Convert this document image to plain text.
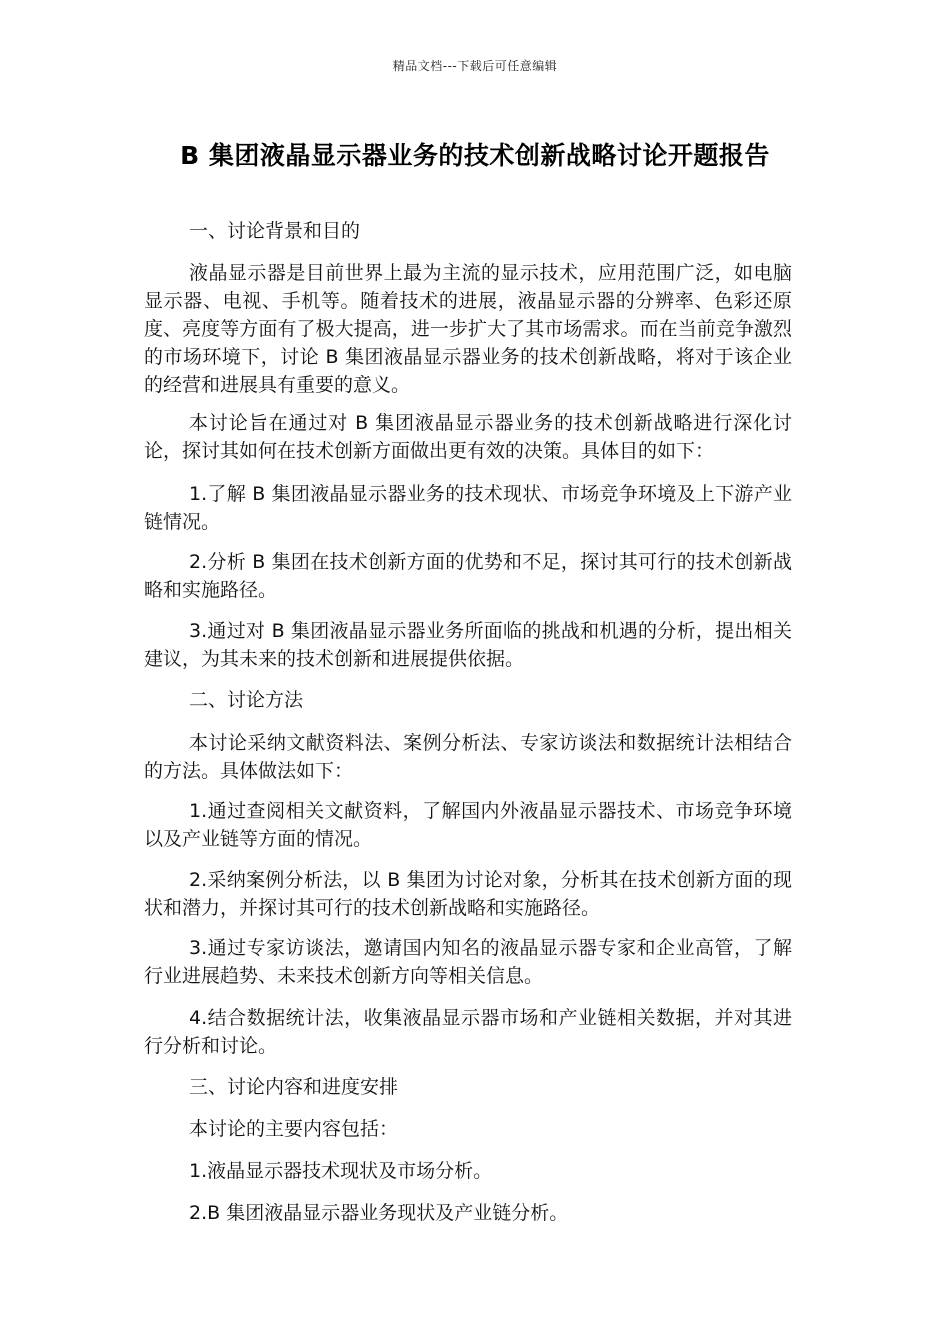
精品文档---下载后可任意编辑
B 集团液晶显示器业务的技术创新战略讨论开题报告
一、讨论背景和目的
液晶显示器是目前世界上最为主流的显示技术，应用范围广泛，如电脑显示器、电视、手机等。随着技术的进展，液晶显示器的分辨率、色彩还原度、亮度等方面有了极大提高，进一步扩大了其市场需求。而在当前竞争激烈的市场环境下，讨论 B 集团液晶显示器业务的技术创新战略，将对于该企业的经营和进展具有重要的意义。
本讨论旨在通过对 B 集团液晶显示器业务的技术创新战略进行深化讨论，探讨其如何在技术创新方面做出更有效的决策。具体目的如下：
1.了解 B 集团液晶显示器业务的技术现状、市场竞争环境及上下游产业链情况。
2.分析 B 集团在技术创新方面的优势和不足，探讨其可行的技术创新战略和实施路径。
3.通过对 B 集团液晶显示器业务所面临的挑战和机遇的分析，提出相关建议，为其未来的技术创新和进展提供依据。
二、讨论方法
本讨论采纳文献资料法、案例分析法、专家访谈法和数据统计法相结合的方法。具体做法如下：
1.通过查阅相关文献资料，了解国内外液晶显示器技术、市场竞争环境以及产业链等方面的情况。
2.采纳案例分析法，以 B 集团为讨论对象，分析其在技术创新方面的现状和潜力，并探讨其可行的技术创新战略和实施路径。
3.通过专家访谈法，邀请国内知名的液晶显示器专家和企业高管，了解行业进展趋势、未来技术创新方向等相关信息。
4.结合数据统计法，收集液晶显示器市场和产业链相关数据，并对其进行分析和讨论。
三、讨论内容和进度安排
本讨论的主要内容包括：
1.液晶显示器技术现状及市场分析。
2.B 集团液晶显示器业务现状及产业链分析。
